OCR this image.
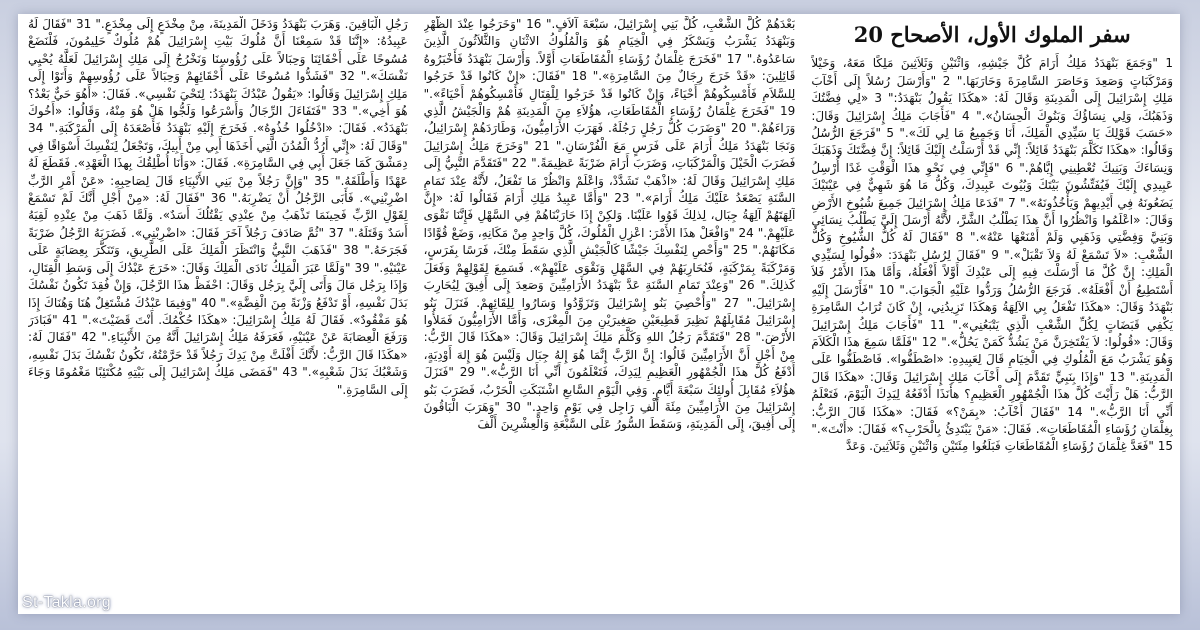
سفر الملوك الأول، الأصحاح 20
1 "وَجَمَعَ بَنْهَدَدُ مَلِكُ أَرَامَ كُلَّ جَيْشِهِ، وَاثْنَيْنِ وَثَلاَثِينَ مَلِكًا مَعَهُ، وَخَيْلاً وَمَرْكَبَاتٍ وَصَعِدَ وَحَاصَرَ السَّامِرَةَ وَحَارَبَهَا." 2 "وَأَرْسَلَ رُسُلاً إِلَى أَخْآبَ مَلِكِ إِسْرَائِيلَ إِلَى الْمَدِينَةِ وَقَالَ لَهُ: «هكَذَا يَقُولُ بَنْهَدَدُ:" 3 «لِي فِضَّتُكَ وَذَهَبُكَ، وَلِي نِسَاؤُكَ وَبَنُوكَ الْحِسَانُ»." 4 "فَأَجَابَ مَلِكُ إِسْرَائِيلَ وَقَالَ: «حَسَبَ قَوْلِكَ يَا سَيِّدِي الْمَلِكَ، أَنَا وَجَمِيعُ مَا لِي لَكَ»." 5 "فَرَجَعَ الرُّسُلُ وَقَالُوا: «هكَذَا تَكَلَّمَ بَنْهَدَدُ قَائِلاً: إِنِّي قَدْ أَرْسَلْتُ إِلَيْكَ قَائِلاً: إِنَّ فِضَّتَكَ وَذَهَبَكَ وَنِسَاءَكَ وَبَنِيكَ تُعْطِينِي إِيَّاهُمْ." 6 "فَإِنِّي فِي نَحْوِ هذَا الْوَقْتِ غَدًا أُرْسِلُ عَبِيدِي إِلَيْكَ فَيُفَتِّشُونَ بَيْتَكَ وَبُيُوتَ عَبِيدِكَ، وَكُلُّ مَا هُوَ شَهِيٌّ فِي عَيْنَيْكَ يَضَعُونَهُ فِي أَيْدِيهِمْ وَيَأْخُذُونَهُ»." 7 "فَدَعَا مَلِكُ إِسْرَائِيلَ جَمِيعَ شُيُوخِ الأَرْضِ وَقَالَ: «اعْلَمُوا وَانْظُرُوا أَنَّ هذَا يَطْلُبُ الشَّرَّ، لأَنَّهُ أَرْسَلَ إِلَيَّ يَطْلُبُ نِسَائِي وَبَنِيَّ وَفِضَّتِي وَذَهَبِي وَلَمْ أَمْنَعْهَا عَنْهُ»." 8 "فَقَالَ لَهُ كُلُّ الشُّيُوخِ وَكُلُّ الشَّعْبِ: «لاَ تَسْمَعْ لَهُ وَلاَ تَقْبَلْ»." 9 "فَقَالَ لِرُسُلِ بَنْهَدَدَ: «قُولُوا لِسَيِّدِي الْمَلِكِ: إِنَّ كُلَّ مَا أَرْسَلْتَ فِيهِ إِلَى عَبْدِكَ أَوَّلاً أَفْعَلُهُ، وَأَمَّا هذَا الأَمْرُ فَلاَ أَسْتَطِيعُ أَنْ أَفْعَلَهُ». فَرَجَعَ الرُّسُلُ وَرَدُّوا عَلَيْهِ الْجَوَابَ." 10 "فَأَرْسَلَ إِلَيْهِ بَنْهَدَدُ وَقَالَ: «هكَذَا تَفْعَلُ بِي الآلِهَةُ وَهكَذَا تَزِيدُنِي، إِنْ كَانَ تُرَابُ السَّامِرَةِ يَكْفِي قَبَضَاتٍ لِكُلِّ الشَّعْبِ الَّذِي يَتْبَعُنِي»." 11 "فَأَجَابَ مَلِكُ إِسْرَائِيلَ وَقَالَ: «قُولُوا: لاَ يَفْتَخِرَنَّ مَنْ يَشُدُّ كَمَنْ يَحُلُّ»." 12 "فَلَمَّا سَمِعَ هذَا الْكَلاَمَ وَهُوَ يَشْرَبُ مَعَ الْمُلُوكِ فِي الْخِيَامِ قَالَ لِعَبِيدِهِ: «اصْطَفُّوا». فَاصْطَفُّوا عَلَى الْمَدِينَةِ." 13 "وَإِذَا بِنَبِيٍّ تَقَدَّمَ إِلَى أَخْآبَ مَلِكِ إِسْرَائِيلَ وَقَالَ: «هكَذَا قَالَ الرَّبُّ: هَلْ رَأَيْتَ كُلَّ هذَا الْجُمْهُورِ الْعَظِيمِ؟ هأَنَذَا أَدْفَعُهُ لِيَدِكَ الْيَوْمَ، فَتَعْلَمُ أَنِّي أَنَا الرَّبُّ»." 14 "فَقَالَ أَخْآبُ: «بِمَنْ؟» فَقَالَ: «هكَذَا قَالَ الرَّبُّ: بِغِلْمَانِ رُؤَسَاءِ الْمُقَاطَعَاتِ». فَقَالَ: «مَنْ يَبْتَدِئُ بِالْحَرْبِ؟» فَقَالَ: «أَنْتَ»." 15 "فَعَدَّ غِلْمَانَ رُؤَسَاءِ الْمُقَاطَعَاتِ فَبَلَغُوا مِئَتَيْنِ وَاثْنَيْنِ وَثَلاَثِينَ. وَعَدَّ
بَعْدَهُمْ كُلَّ الشَّعْبِ، كُلَّ بَنِي إِسْرَائِيلَ، سَبْعَةَ آلاَفٍ." 16 "وَخَرَجُوا عِنْدَ الظُّهْرِ وَبَنْهَدَدُ يَشْرَبُ وَيَسْكَرُ فِي الْخِيَامِ هُوَ وَالْمُلُوكُ الاثْنَانِ وَالثَّلاَثُونَ الَّذِينَ سَاعَدُوهُ." 17 "فَخَرَجَ غِلْمَانُ رُؤَسَاءِ الْمُقَاطَعَاتِ أَوَّلاً. وَأَرْسَلَ بَنْهَدَدُ فَأَخْبَرُوهُ قَائِلِينَ: «قَدْ خَرَجَ رِجَالٌ مِنَ السَّامِرَةِ»." 18 "فَقَالَ: «إِنْ كَانُوا قَدْ خَرَجُوا لِلسَّلاَمِ فَأَمْسِكُوهُمْ أَحْيَاءً، وَإِنْ كَانُوا قَدْ خَرَجُوا لِلْقِتَالِ فَأَمْسِكُوهُمْ أَحْيَاءً»." 19 "فَخَرَجَ غِلْمَانُ رُؤَسَاءِ الْمُقَاطَعَاتِ، هؤُلاَءِ مِنَ الْمَدِينَةِ هُمْ وَالْجَيْشُ الَّذِي وَرَاءَهُمْ." 20 "وَضَرَبَ كُلُّ رَجُلٍ رَجُلَهُ. فَهَرَبَ الأَرَامِيُّونَ، وَطَارَدَهُمْ إِسْرَائِيلُ، وَنَجَا بَنْهَدَدُ مَلِكُ أَرَامَ عَلَى فَرَسٍ مَعَ الْفُرْسَانِ." 21 "وَخَرَجَ مَلِكُ إِسْرَائِيلَ فَضَرَبَ الْخَيْلَ وَالْمَرْكَبَاتِ، وَضَرَبَ أَرَامَ ضَرْبَةً عَظِيمَةً." 22 "فَتَقَدَّمَ النَّبِيُّ إِلَى مَلِكِ إِسْرَائِيلَ وَقَالَ لَهُ: «اذْهَبْ تَشَدَّدْ، وَاعْلَمْ وَانْظُرْ مَا تَفْعَلُ، لأَنَّهُ عِنْدَ تَمَامِ السَّنَةِ يَصْعَدُ عَلَيْكَ مَلِكُ أَرَامَ»." 23 "وَأَمَّا عَبِيدُ مَلِكِ أَرَامَ فَقَالُوا لَهُ: «إِنَّ آلِهَتَهُمْ آلِهَةُ جِبَال، لِذلِكَ قَوُوا عَلَيْنَا. وَلكِنْ إِذَا حَارَبْنَاهُمْ فِي السَّهْلِ فَإِنَّنَا نَقْوَى عَلَيْهِمْ." 24 "وَافْعَلْ هذَا الأَمْرَ: اعْزِلِ الْمُلُوكَ، كُلَّ وَاحِدٍ مِنْ مَكَانِهِ، وَضَعْ قُوَّادًا مَكَانَهُمْ." 25 "وَأَحْصِ لِنَفْسِكَ جَيْشًا كَالْجَيْشِ الَّذِي سَقَطَ مِنْكَ، فَرَسًا بِفَرَسٍ، وَمَرْكَبَةً بِمَرْكَبَةٍ، فَنُحَارِبَهُمْ فِي السَّهْلِ وَنَقْوَى عَلَيْهِمْ». فَسَمِعَ لِقَوْلِهِمْ وَفَعَلَ كَذلِكَ." 26 "وَعِنْدَ تَمَامِ السَّنَةِ عَدَّ بَنْهَدَدُ الأَرَامِيِّينَ وَصَعِدَ إِلَى أَفِيقَ لِيُحَارِبَ إِسْرَائِيلَ." 27 "وَأُحْصِيَ بَنُو إِسْرَائِيلَ وَتَزَوَّدُوا وَسَارُوا لِلِقَائِهِمْ. فَنَزَلَ بَنُو إِسْرَائِيلَ مُقَابِلَهُمْ نَظِيرَ قَطِيعَيْنِ صَغِيرَيْنِ مِنَ الْمِعْزَى، وَأَمَّا الأَرَامِيُّونَ فَمَلأُوا الأَرْضَ." 28 "فَتَقَدَّمَ رَجُلُ اللهِ وَكَلَّمَ مَلِكَ إِسْرَائِيلَ وَقَالَ: «هكَذَا قَالَ الرَّبُّ: مِنْ أَجْلِ أَنَّ الأَرَامِيِّينَ قَالُوا: إِنَّ الرَّبَّ إِنَّمَا هُوَ إِلهُ جِبَال وَلَيْسَ هُوَ إِلهَ أَوْدِيَةٍ، أَدْفَعُ كُلَّ هذَا الْجُمْهُورِ الْعَظِيمِ لِيَدِكَ، فَتَعْلَمُونَ أَنِّي أَنَا الرَّبُّ»." 29 "فَنَزَلَ هؤُلاَءِ مُقَابِلَ أُولئِكَ سَبْعَةَ أَيَّامٍ. وَفِي الْيَوْمِ السَّابعِ اشْتَبَكَتِ الْحَرْبُ، فَضَرَبَ بَنُو إِسْرَائِيلَ مِنَ الأَرَامِيِّينَ مِئَةَ أَلْفِ رَاجِل فِي يَوْمٍ وَاحِدٍ." 30 "وَهَرَبَ الْبَاقُونَ إِلَى أَفِيقَ، إِلَى الْمَدِينَةِ، وَسَقَطَ السُّورُ عَلَى السَّبْعَةِ وَالْعِشْرِينَ أَلْفَ
رَجُلِ الْبَاقِينَ. وَهَرَبَ بَنْهَدَدُ وَدَخَلَ الْمَدِينَةَ، مِنْ مِخْدَعٍ إِلَى مِخْدَعٍ." 31 "فَقَالَ لَهُ عَبِيدُهُ: «إِنَّنَا قَدْ سَمِعْنَا أَنَّ مُلُوكَ بَيْتِ إِسْرَائِيلَ هُمْ مُلُوكٌ حَلِيمُونَ، فَلْنَضَعْ مُسُوحًا عَلَى أَحْقَائِنَا وَحِبَالاً عَلَى رُؤُوسِنَا وَنَخْرُجُ إِلَى مَلِكِ إِسْرَائِيلَ لَعَلَّهُ يُحْيِي نَفْسَكَ»." 32 "فَشَدُّوا مُسُوحًا عَلَى أَحْقَائِهِمْ وَحِبَالاً عَلَى رُؤُوسِهِمْ وَأَتَوْا إِلَى مَلِكِ إِسْرَائِيلَ وَقَالُوا: «يَقُولُ عَبْدُكَ بَنْهَدَدُ: لِتَحْيَ نَفْسِي». فَقَالَ: «أَهُوَ حَيٌّ بَعْدُ؟ هُوَ أَخِي»." 33 "فَتَفَاءَلَ الرِّجَالُ وَأَسْرَعُوا وَلَجُّوا هَلْ هُوَ مِنْهُ، وَقَالُوا: «أَخُوكَ بَنْهَدَدُ». فَقَالَ: «ادْخُلُوا خُذُوهُ». فَخَرَجَ إِلَيْهِ بَنْهَدَدُ فَأَصْعَدَهُ إِلَى الْمَرْكَبَةِ." 34 "وَقَالَ لَهُ: «إِنِّي أَرُدُّ الْمُدُنَ الَّتِي أَخَذَهَا أَبِي مِنْ أَبِيكَ، وَتَجْعَلُ لِنَفْسِكَ أَسْوَاقًا فِي دِمَشْقَ كَمَا جَعَلَ أَبِي فِي السَّامِرَةِ». فَقَالَ: «وَأَنَا أُطْلِقُكَ بِهذَا الْعَهْدِ». فَقَطَعَ لَهُ عَهْدًا وَأَطْلَقَهُ." 35 "وَإِنَّ رَجُلاً مِنْ بَنِي الأَنْبِيَاءِ قَالَ لِصَاحِبِهِ: «عَنْ أَمْرِ الرَّبِّ اضْرِبْنِي». فَأَبَى الرَّجُلُ أَنْ يَضْرِبَهُ." 36 "فَقَالَ لَهُ: «مِنْ أَجْلِ أَنَّكَ لَمْ تَسْمَعْ لِقَوْلِ الرَّبِّ فَحِينَمَا تَذْهَبُ مِنْ عِنْدِي يَقْتُلُكَ أَسَدٌ». وَلَمَّا ذَهَبَ مِنْ عِنْدِهِ لَقِيَهُ أَسَدٌ وَقَتَلَهُ." 37 "ثُمَّ صَادَفَ رَجُلاً آخَرَ فَقَالَ: «اضْرِبْنِي». فَضَرَبَهُ الرَّجُلُ ضَرْبَةً فَجَرَحَهُ." 38 "فَذَهَبَ النَّبِيُّ وَانْتَظَرَ الْمَلِكَ عَلَى الطَّرِيقِ، وَتَنَكَّرَ بِعِصَابَةٍ عَلَى عَيْنَيْهِ." 39 "وَلَمَّا عَبَرَ الْمَلِكُ نَادَى الْمَلِكَ وَقَالَ: «خَرَجَ عَبْدُكَ إِلَى وَسَطِ الْقِتَالِ، وَإِذَا بِرَجُل مَالَ وَأَتَى إِلَيَّ بِرَجُل وَقَالَ: احْفَظْ هذَا الرَّجُلَ، وَإِنْ فُقِدَ تَكُونُ نَفْسُكَ بَدَلَ نَفْسِهِ، أَوْ تَدْفَعُ وَزْنَةً مِنَ الْفِضَّةِ»." 40 "وَفِيمَا عَبْدُكَ مُشْتَغِلٌ هُنَا وَهُنَاكَ إِذَا هُوَ مَفْقُودٌ». فَقَالَ لَهُ مَلِكُ إِسْرَائِيلَ: «هكَذَا حُكْمُكَ. أَنْتَ قَضَيْتَ»." 41 "فَبَادَرَ وَرَفَعَ الْعِصَابَةَ عَنْ عَيْنَيْهِ، فَعَرَفَهُ مَلِكُ إِسْرَائِيلَ أَنَّهُ مِنَ الأَنْبِيَاءِ." 42 "فَقَالَ لَهُ: «هكَذَا قَالَ الرَّبُّ: لأَنَّكَ أَفْلَتَّ مِنْ يَدِكَ رَجُلاً قَدْ حَرَّمْتُهُ، تَكُونُ نَفْسُكَ بَدَلَ نَفْسِهِ، وَشَعْبُكَ بَدَلَ شَعْبِهِ»." 43 "فَمَضَى مَلِكُ إِسْرَائِيلَ إِلَى بَيْتِهِ مُكْتَئِبًا مَغْمُومًا وَجَاءَ إِلَى السَّامِرَةِ."
St-Takla.org
